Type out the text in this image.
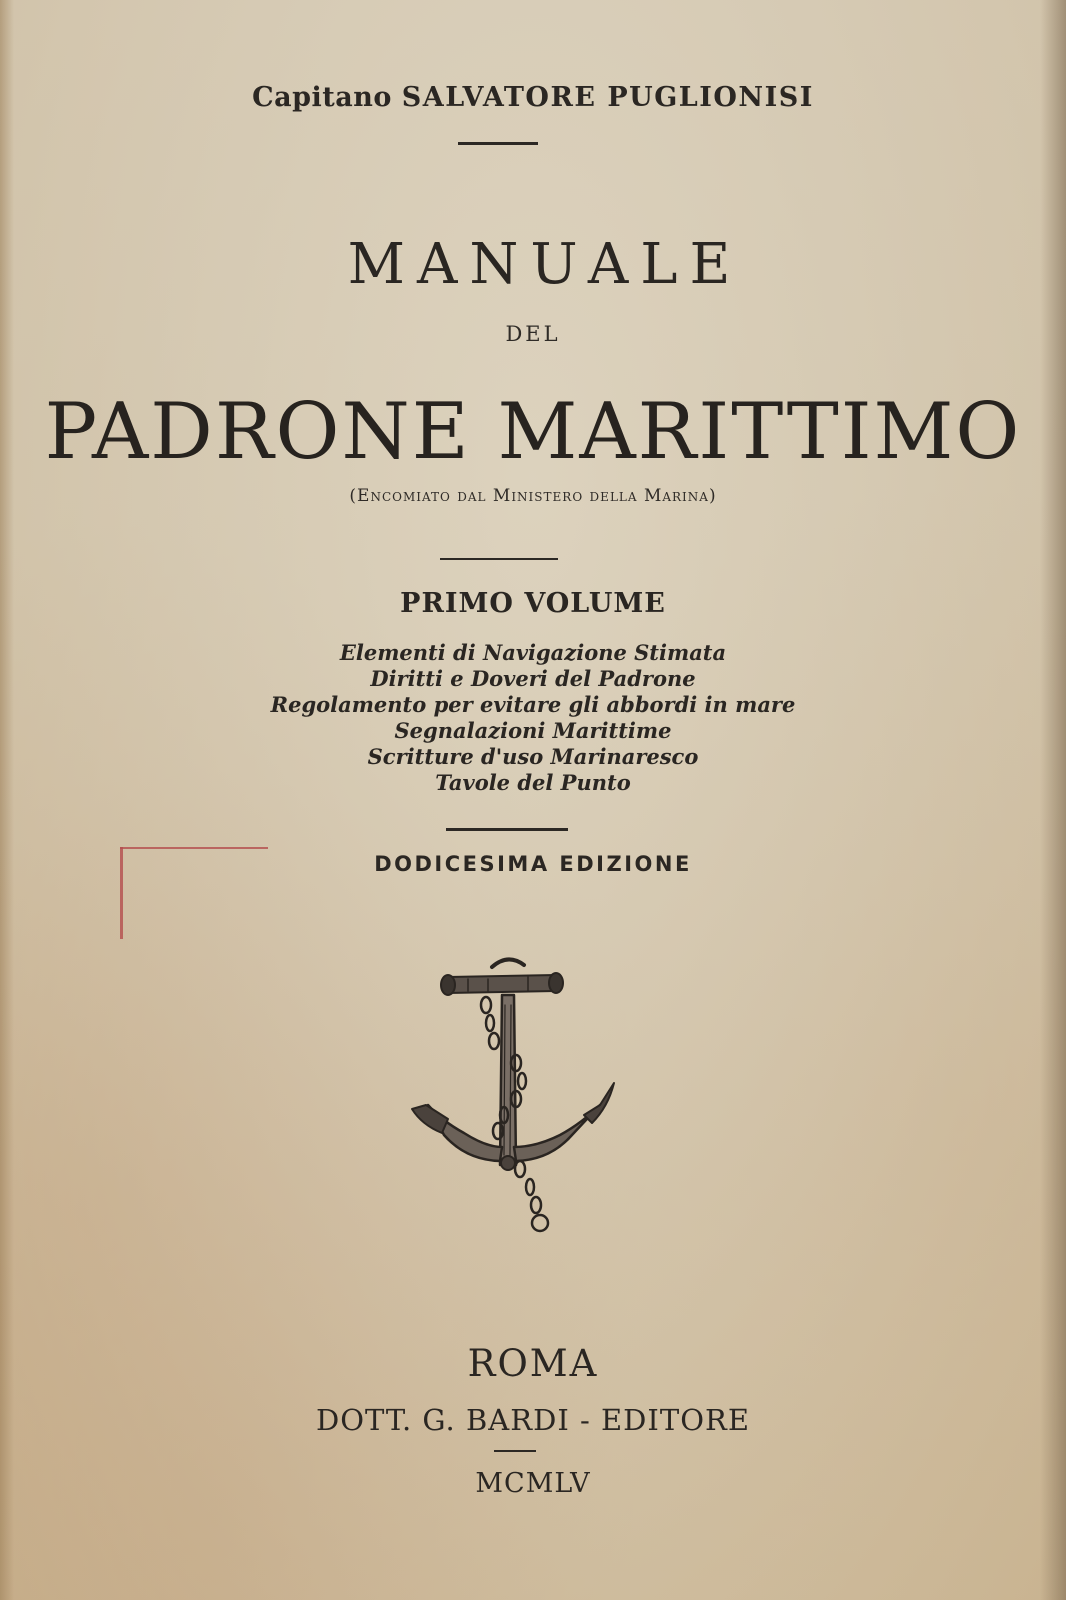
Capitano SALVATORE PUGLIONISI
MANUALE
DEL
PADRONE MARITTIMO
(Encomiato dal Ministero della Marina)
PRIMO VOLUME
Elementi di Navigazione Stimata
Diritti e Doveri del Padrone
Regolamento per evitare gli abbordi in mare
Segnalazioni Marittime
Scritture d'uso Marinaresco
Tavole del Punto
DODICESIMA EDIZIONE
ROMA
DOTT. G. BARDI - EDITORE
MCMLV
